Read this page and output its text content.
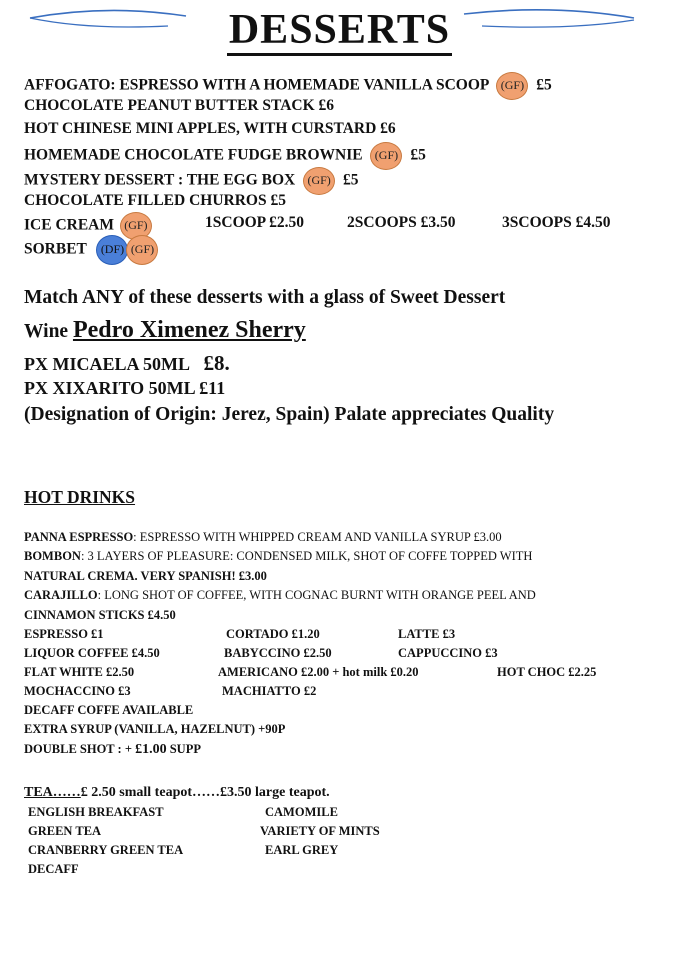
DESSERTS
AFFOGATO: ESPRESSO WITH A HOMEMADE VANILLA SCOOP (GF) £5
CHOCOLATE PEANUT BUTTER STACK £6
HOT CHINESE MINI APPLES, WITH CURSTARD £6
HOMEMADE CHOCOLATE FUDGE BROWNIE (GF) £5
MYSTERY DESSERT : THE EGG BOX (GF) £5
CHOCOLATE FILLED CHURROS £5
ICE CREAM (GF)	1SCOOP £2.50	2SCOOPS £3.50	3SCOOPS £4.50
SORBET (DF) (GF)
Match ANY of these desserts with a glass of Sweet Dessert
Wine Pedro Ximenez Sherry
PX MICAELA 50ML £8.
PX XIXARITO 50ML £11
(Designation of Origin: Jerez, Spain) Palate appreciates Quality
HOT DRINKS
PANNA ESPRESSO: ESPRESSO WITH WHIPPED CREAM AND VANILLA SYRUP £3.00
BOMBON: 3 LAYERS OF PLEASURE: CONDENSED MILK, SHOT OF COFFE TOPPED WITH
NATURAL CREMA. VERY SPANISH! £3.00
CARAJILLO: LONG SHOT OF COFFEE, WITH COGNAC BURNT WITH ORANGE PEEL AND
CINNAMON STICKS £4.50
ESPRESSO £1	CORTADO £1.20	LATTE £3
LIQUOR COFFEE £4.50	BABYCCINO £2.50	CAPPUCCINO £3
FLAT WHITE £2.50	AMERICANO £2.00 + hot milk £0.20	HOT CHOC £2.25
MOCHACCINO £3	MACHIATTO £2
DECAFF COFFE AVAILABLE
EXTRA SYRUP (VANILLA, HAZELNUT) +90P
DOUBLE SHOT : + £1.00 SUPP
TEA……£ 2.50 small teapot……£3.50 large teapot.
ENGLISH BREAKFAST	CAMOMILE
GREEN TEA	VARIETY OF MINTS
CRANBERRY GREEN TEA	EARL GREY
DECAFF
